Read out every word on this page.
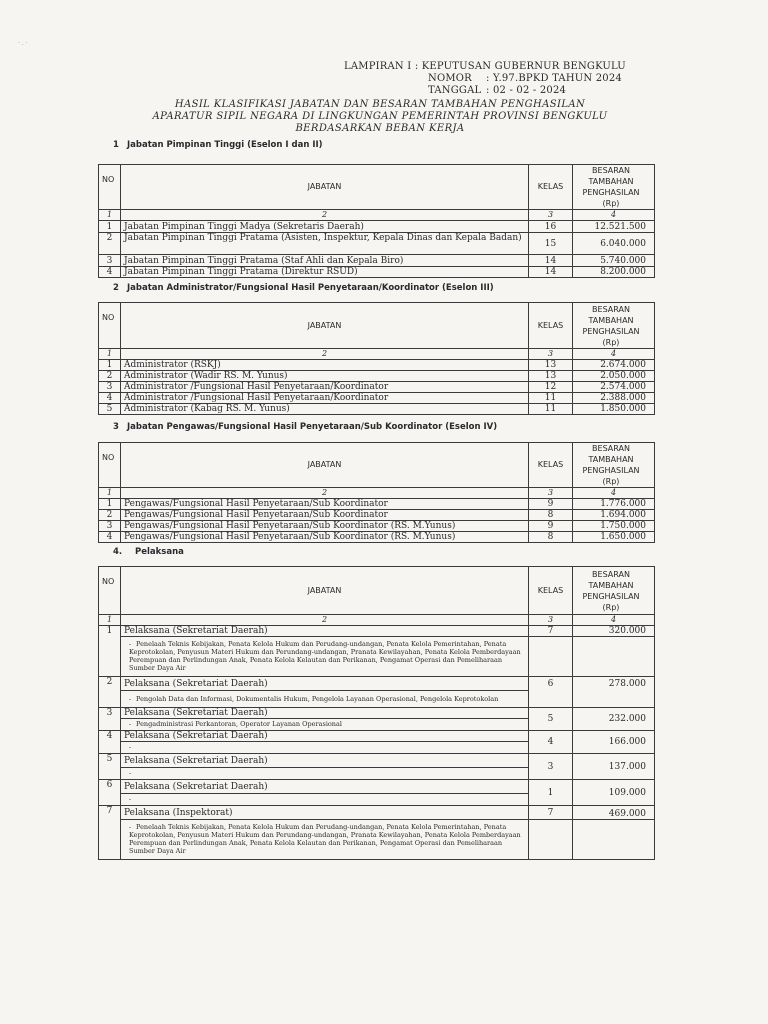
· . ·
LAMPIRAN I : KEPUTUSAN GUBERNUR BENGKULU
NOMOR : Y.97.BPKD TAHUN 2024
TANGGAL : 02 - 02 - 2024
HASIL KLASIFIKASI JABATAN DAN BESARAN TAMBAHAN PENGHASILAN
APARATUR SIPIL NEGARA DI LINGKUNGAN PEMERINTAH PROVINSI BENGKULU
BERDASARKAN BEBAN KERJA
1 Jabatan Pimpinan Tinggi (Eselon I dan II)
NO	JABATAN	KELAS	BESARAN TAMBAHAN PENGHASILAN (Rp)
1	2	3	4
1	Jabatan Pimpinan Tinggi Madya (Sekretaris Daerah)	16	12.521.500
2	Jabatan Pimpinan Tinggi Pratama (Asisten, Inspektur, Kepala Dinas dan Kepala Badan)	15	6.040.000
3	Jabatan Pimpinan Tinggi Pratama (Staf Ahli dan Kepala Biro)	14	5.740.000
4	Jabatan Pimpinan Tinggi Pratama (Direktur RSUD)	14	8.200.000
2 Jabatan Administrator/Fungsional Hasil Penyetaraan/Koordinator (Eselon III)
NO	JABATAN	KELAS	BESARAN TAMBAHAN PENGHASILAN (Rp)
1	2	3	4
1	Administrator (RSKJ)	13	2.674.000
2	Administrator (Wadir RS. M. Yunus)	13	2.050.000
3	Administrator /Fungsional Hasil Penyetaraan/Koordinator	12	2.574.000
4	Administrator /Fungsional Hasil Penyetaraan/Koordinator	11	2.388.000
5	Administrator (Kabag RS. M. Yunus)	11	1.850.000
3 Jabatan Pengawas/Fungsional Hasil Penyetaraan/Sub Koordinator (Eselon IV)
NO	JABATAN	KELAS	BESARAN TAMBAHAN PENGHASILAN (Rp)
1	2	3	4
1	Pengawas/Fungsional Hasil Penyetaraan/Sub Koordinator	9	1.776.000
2	Pengawas/Fungsional Hasil Penyetaraan/Sub Koordinator	8	1.694.000
3	Pengawas/Fungsional Hasil Penyetaraan/Sub Koordinator (RS. M.Yunus)	9	1.750.000
4	Pengawas/Fungsional Hasil Penyetaraan/Sub Koordinator (RS. M.Yunus)	8	1.650.000
4. Pelaksana
NO	JABATAN	KELAS	BESARAN TAMBAHAN PENGHASILAN (Rp)
1	2	3	4
1	Pelaksana (Sekretariat Daerah)	7	320.000
	- Penelaah Teknis Kebijakan, Penata Kelola Hukum dan Perudang-undangan, Penata Kelola Pemerintahan, Penata Keprotokolan, Penyusun Materi Hukum dan Perundang-undangan, Pranata Kewilayahan, Penata Kelola Pemberdayaan Perempuan dan Perlindungan Anak, Penata Kelola Kelautan dan Perikanan, Pengamat Operasi dan Pemeliharaan Sumber Daya Air		
2	Pelaksana (Sekretariat Daerah)	6	278.000
	- Pengolah Data dan Informasi, Dokumentalis Hukum, Pengelola Layanan Operasional, Pengelola Keprotokolan		
3	Pelaksana (Sekretariat Daerah)	5	232.000
	- Pengadministrasi Perkantoran, Operator Layanan Operasional		
4	Pelaksana (Sekretariat Daerah)	4	166.000
	-		
5	Pelaksana (Sekretariat Daerah)	3	137.000
	-		
6	Pelaksana (Sekretariat Daerah)	1	109.000
	-		
7	Pelaksana (Inspektorat)	7	469.000
	- Penelaah Teknis Kebijakan, Penata Kelola Hukum dan Perudang-undangan, Penata Kelola Pemerintahan, Penata Keprotokolan, Penyusun Materi Hukum dan Perundang-undangan, Pranata Kewilayahan, Penata Kelola Pemberdayaan Perempuan dan Perlindungan Anak, Penata Kelola Kelautan dan Perikanan, Pengamat Operasi dan Pemeliharaan Sumber Daya Air		
